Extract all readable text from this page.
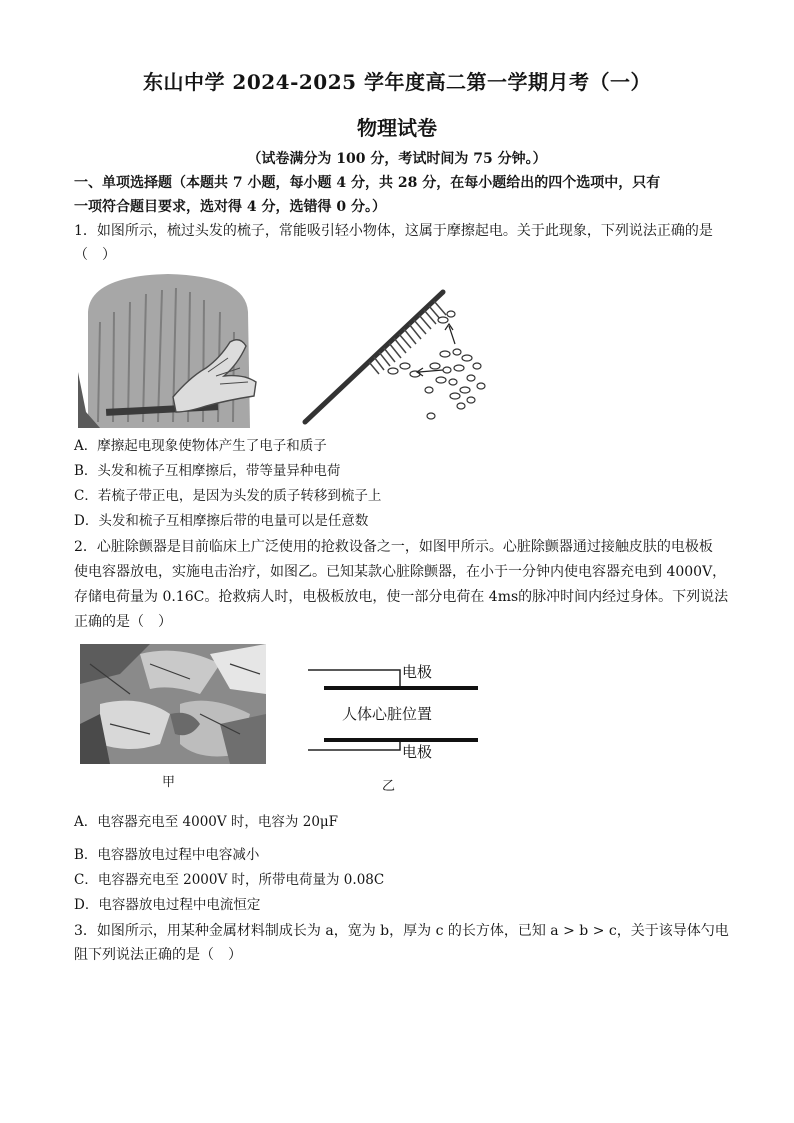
东山中学 2024-2025 学年度高二第一学期月考（一）
物理试卷
（试卷满分为 100 分，考试时间为 75 分钟。）
一、单项选择题（本题共 7 小题，每小题 4 分，共 28 分，在每小题给出的四个选项中，只有
一项符合题目要求，选对得 4 分，选错得 0 分。）
1．如图所示，梳过头发的梳子，常能吸引轻小物体，这属于摩擦起电。关于此现象，下列说法正确的是
（　）
A．摩擦起电现象使物体产生了电子和质子
B．头发和梳子互相摩擦后，带等量异种电荷
C．若梳子带正电，是因为头发的质子转移到梳子上
D．头发和梳子互相摩擦后带的电量可以是任意数
2．心脏除颤器是目前临床上广泛使用的抢救设备之一，如图甲所示。心脏除颤器通过接触皮肤的电极板
使电容器放电，实施电击治疗，如图乙。已知某款心脏除颤器，在小于一分钟内使电容器充电到 4000V，
存储电荷量为 0.16C。抢救病人时，电极板放电，使一部分电荷在 4ms的脉冲时间内经过身体。下列说法
正确的是（　）
甲
电极
人体心脏位置
电极
乙
A．电容器充电至 4000V 时，电容为 20μF
B．电容器放电过程中电容减小
C．电容器充电至 2000V 时，所带电荷量为 0.08C
D．电容器放电过程中电流恒定
3．如图所示，用某种金属材料制成长为 a，宽为 b，厚为 c 的长方体，已知 a > b > c，关于该导体勺电
阻下列说法正确的是（　）
